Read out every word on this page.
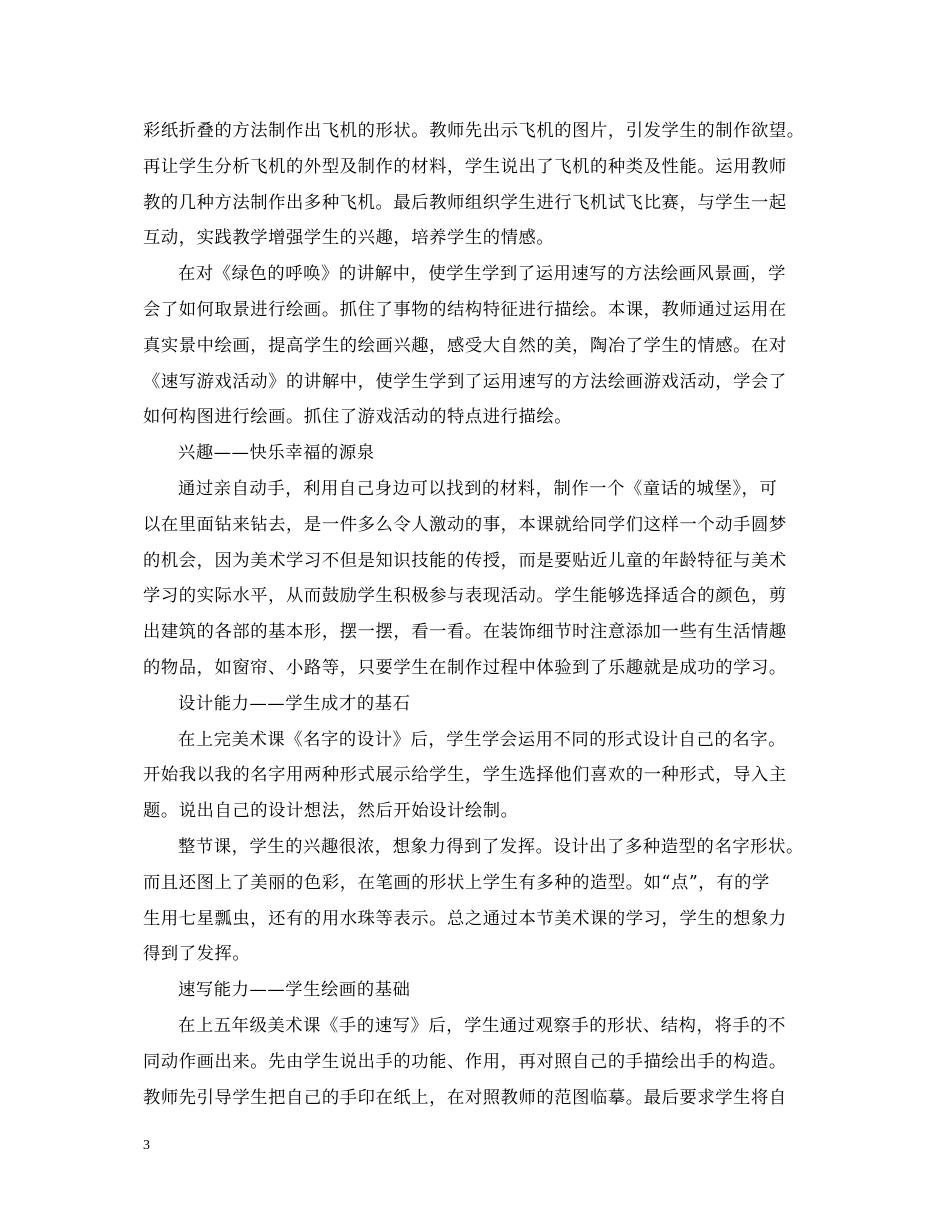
彩纸折叠的方法制作出飞机的形状。教师先出示飞机的图片，引发学生的制作欲望。
再让学生分析飞机的外型及制作的材料，学生说出了飞机的种类及性能。运用教师
教的几种方法制作出多种飞机。最后教师组织学生进行飞机试飞比赛，与学生一起
互动，实践教学增强学生的兴趣，培养学生的情感。
在对《绿色的呼唤》的讲解中，使学生学到了运用速写的方法绘画风景画，学
会了如何取景进行绘画。抓住了事物的结构特征进行描绘。本课，教师通过运用在
真实景中绘画，提高学生的绘画兴趣，感受大自然的美，陶冶了学生的情感。在对
《速写游戏活动》的讲解中，使学生学到了运用速写的方法绘画游戏活动，学会了
如何构图进行绘画。抓住了游戏活动的特点进行描绘。
兴趣——快乐幸福的源泉
通过亲自动手，利用自己身边可以找到的材料，制作一个《童话的城堡》，可
以在里面钻来钻去，是一件多么令人激动的事，本课就给同学们这样一个动手圆梦
的机会，因为美术学习不但是知识技能的传授，而是要贴近儿童的年龄特征与美术
学习的实际水平，从而鼓励学生积极参与表现活动。学生能够选择适合的颜色，剪
出建筑的各部的基本形，摆一摆，看一看。在装饰细节时注意添加一些有生活情趣
的物品，如窗帘、小路等，只要学生在制作过程中体验到了乐趣就是成功的学习。
设计能力——学生成才的基石
在上完美术课《名字的设计》后，学生学会运用不同的形式设计自己的名字。
开始我以我的名字用两种形式展示给学生，学生选择他们喜欢的一种形式，导入主
题。说出自己的设计想法，然后开始设计绘制。
整节课，学生的兴趣很浓，想象力得到了发挥。设计出了多种造型的名字形状。
而且还图上了美丽的色彩，在笔画的形状上学生有多种的造型。如“点”，有的学
生用七星瓢虫，还有的用水珠等表示。总之通过本节美术课的学习，学生的想象力
得到了发挥。
速写能力——学生绘画的基础
在上五年级美术课《手的速写》后，学生通过观察手的形状、结构，将手的不
同动作画出来。先由学生说出手的功能、作用，再对照自己的手描绘出手的构造。
教师先引导学生把自己的手印在纸上，在对照教师的范图临摹。最后要求学生将自
3
